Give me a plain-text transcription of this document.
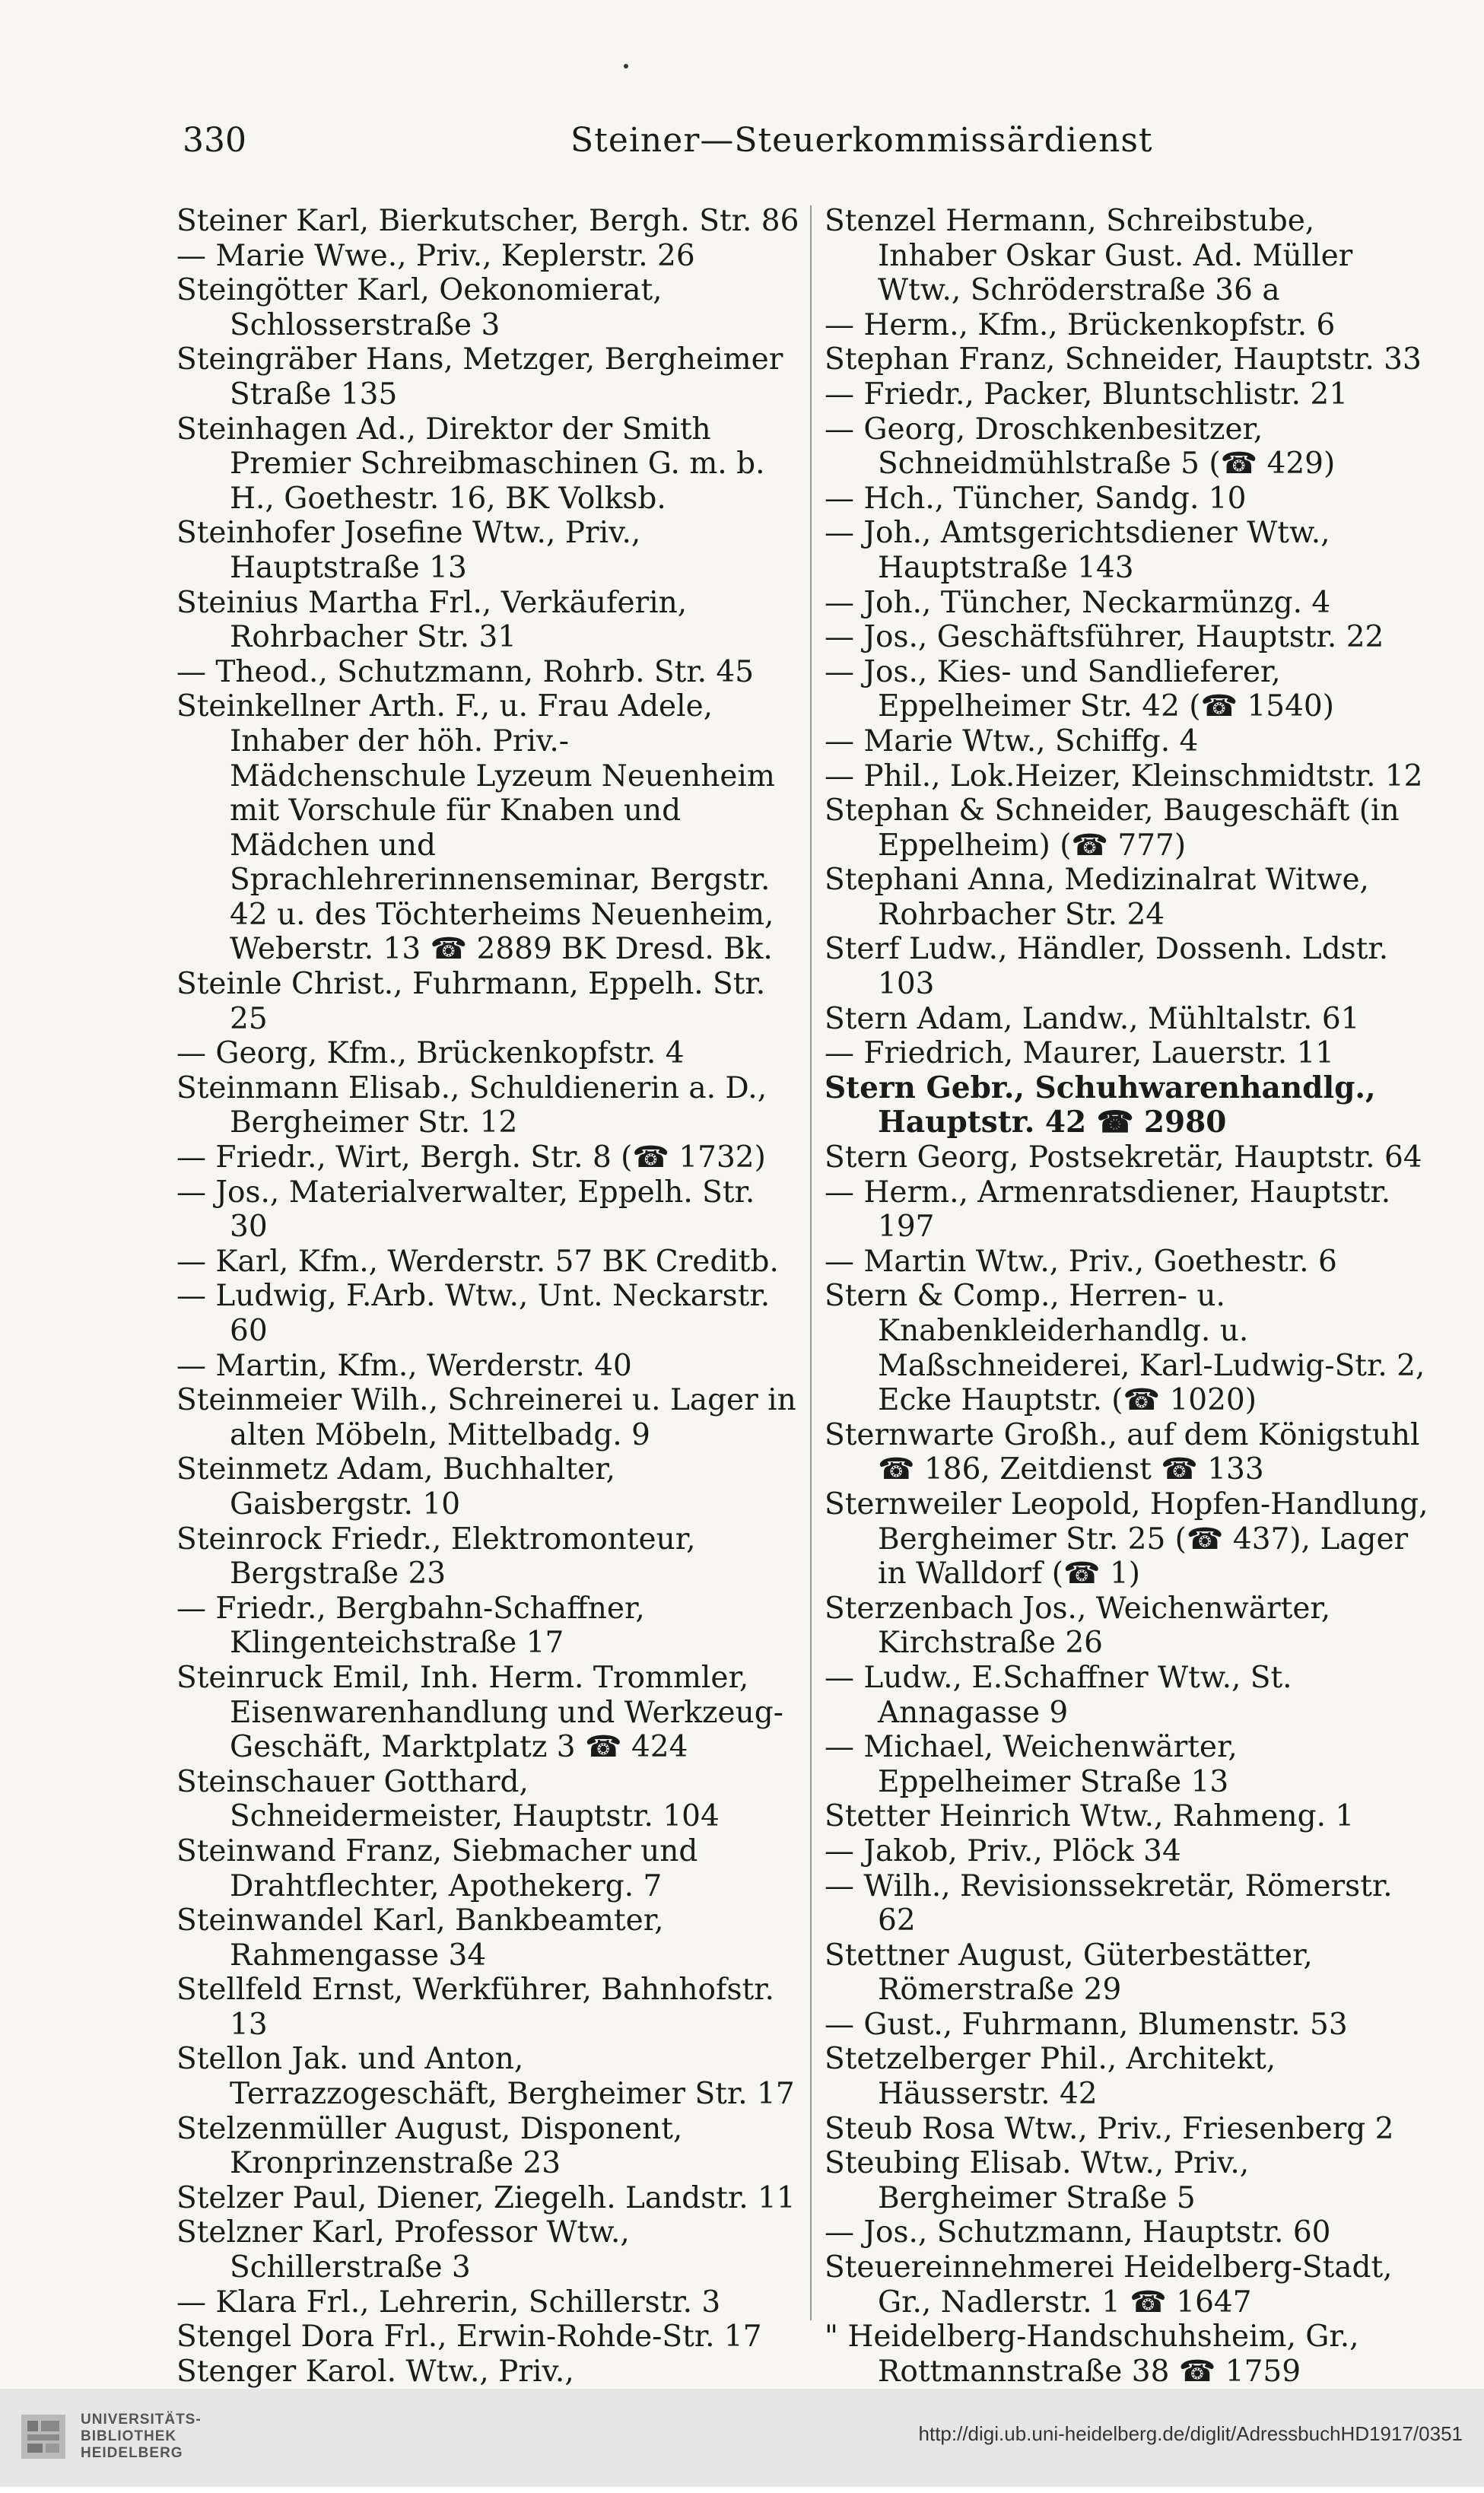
330	Steiner—Steuerkommissärdienst

Steiner Karl, Bierkutscher, Bergh. Str. 86

— Marie Wwe., Priv., Keplerstr. 26

Steingötter Karl, Oekonomierat, Schlosserstraße 3

Steingräber Hans, Metzger, Bergheimer Straße 135

Steinhagen Ad., Direktor der Smith Premier Schreibmaschinen G. m. b. H., Goethestr. 16, BK Volksb.

Steinhofer Josefine Wtw., Priv., Hauptstraße 13

Steinius Martha Frl., Verkäuferin, Rohrbacher Str. 31

— Theod., Schutzmann, Rohrb. Str. 45

Steinkellner Arth. F., u. Frau Adele, Inhaber der höh. Priv.-Mädchenschule Lyzeum Neuenheim mit Vorschule für Knaben und Mädchen und Sprachlehrerinnenseminar, Bergstr. 42 u. des Töchterheims Neuenheim, Weberstr. 13 ☎ 2889 BK Dresd. Bk.

Steinle Christ., Fuhrmann, Eppelh. Str. 25

— Georg, Kfm., Brückenkopfstr. 4

Steinmann Elisab., Schuldienerin a. D., Bergheimer Str. 12

— Friedr., Wirt, Bergh. Str. 8 (☎ 1732)

— Jos., Materialverwalter, Eppelh. Str. 30

— Karl, Kfm., Werderstr. 57 BK Creditb.

— Ludwig, F.Arb. Wtw., Unt. Neckarstr. 60

— Martin, Kfm., Werderstr. 40

Steinmeier Wilh., Schreinerei u. Lager in alten Möbeln, Mittelbadg. 9

Steinmetz Adam, Buchhalter, Gaisbergstr. 10

Steinrock Friedr., Elektromonteur, Bergstraße 23

— Friedr., Bergbahn-Schaffner, Klingenteichstraße 17

Steinruck Emil, Inh. Herm. Trommler, Eisenwarenhandlung und Werkzeug-Geschäft, Marktplatz 3 ☎ 424

Steinschauer Gotthard, Schneidermeister, Hauptstr. 104

Steinwand Franz, Siebmacher und Drahtflechter, Apothekerg. 7

Steinwandel Karl, Bankbeamter, Rahmengasse 34

Stellfeld Ernst, Werkführer, Bahnhofstr. 13

Stellon Jak. und Anton, Terrazzogeschäft, Bergheimer Str. 17

Stelzenmüller August, Disponent, Kronprinzenstraße 23

Stelzer Paul, Diener, Ziegelh. Landstr. 11

Stelzner Karl, Professor Wtw., Schillerstraße 3

— Klara Frl., Lehrerin, Schillerstr. 3

Stengel Dora Frl., Erwin-Rohde-Str. 17

Stenger Karol. Wtw., Priv.,

Stenzel Hermann, Schreibstube, Inhaber Oskar Gust. Ad. Müller Wtw., Schröderstraße 36 a

— Herm., Kfm., Brückenkopfstr. 6

Stephan Franz, Schneider, Hauptstr. 33

— Friedr., Packer, Bluntschlistr. 21

— Georg, Droschkenbesitzer, Schneidmühlstraße 5 (☎ 429)

— Hch., Tüncher, Sandg. 10

— Joh., Amtsgerichtsdiener Wtw., Hauptstraße 143

— Joh., Tüncher, Neckarmünzg. 4

— Jos., Geschäftsführer, Hauptstr. 22

— Jos., Kies- und Sandlieferer, Eppelheimer Str. 42 (☎ 1540)

— Marie Wtw., Schiffg. 4

— Phil., Lok.Heizer, Kleinschmidtstr. 12

Stephan & Schneider, Baugeschäft (in Eppelheim) (☎ 777)

Stephani Anna, Medizinalrat Witwe, Rohrbacher Str. 24

Sterf Ludw., Händler, Dossenh. Ldstr. 103

Stern Adam, Landw., Mühltalstr. 61

— Friedrich, Maurer, Lauerstr. 11

Stern Gebr., Schuhwarenhandlg., Hauptstr. 42 ☎ 2980

Stern Georg, Postsekretär, Hauptstr. 64

— Herm., Armenratsdiener, Hauptstr. 197

— Martin Wtw., Priv., Goethestr. 6

Stern & Comp., Herren- u. Knabenkleiderhandlg. u. Maßschneiderei, Karl-Ludwig-Str. 2, Ecke Hauptstr. (☎ 1020)

Sternwarte Großh., auf dem Königstuhl ☎ 186, Zeitdienst ☎ 133

Sternweiler Leopold, Hopfen-Handlung, Bergheimer Str. 25 (☎ 437), Lager in Walldorf (☎ 1)

Sterzenbach Jos., Weichenwärter, Kirchstraße 26

— Ludw., E.Schaffner Wtw., St. Annagasse 9

— Michael, Weichenwärter, Eppelheimer Straße 13

Stetter Heinrich Wtw., Rahmeng. 1

— Jakob, Priv., Plöck 34

— Wilh., Revisionssekretär, Römerstr. 62

Stettner August, Güterbestätter, Römerstraße 29

— Gust., Fuhrmann, Blumenstr. 53

Stetzelberger Phil., Architekt, Häusserstr. 42

Steub Rosa Wtw., Priv., Friesenberg 2

Steubing Elisab. Wtw., Priv., Bergheimer Straße 5

— Jos., Schutzmann, Hauptstr. 60

Steuereinnehmerei Heidelberg-Stadt, Gr., Nadlerstr. 1 ☎ 1647

" Heidelberg-Handschuhsheim, Gr., Rottmannstraße 38 ☎ 1759

UNIVERSITÄTS-
BIBLIOTHEK
HEIDELBERG
http://digi.ub.uni-heidelberg.de/diglit/AdressbuchHD1917/0351
